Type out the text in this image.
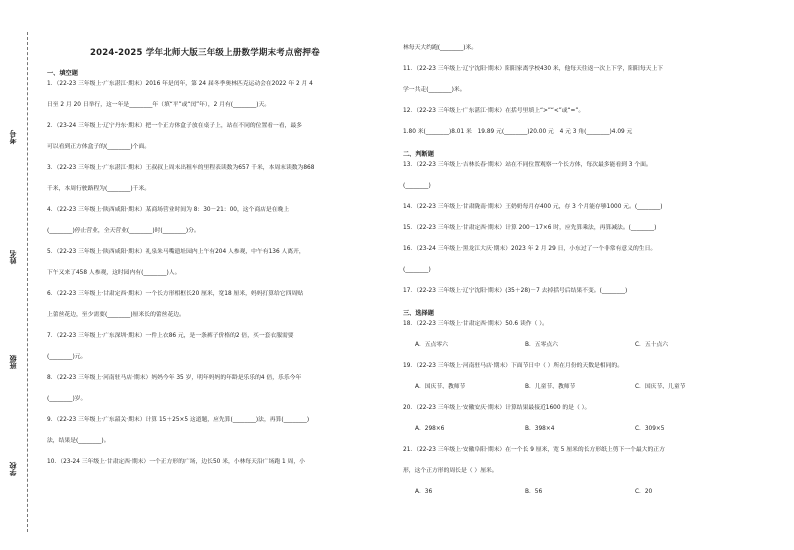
考号
姓名
班级
学校
2024-2025 学年北师大版三年级上册数学期末考点密押卷
一、填空题
1．（22-23 三年级上·广东湛江·期末）2016 年是闰年，第 24 届冬季奥林匹克运动会在2022 年 2 月 4
日至 2 月 20 日举行，这一年是________年（填“平”或“闰”年），2 月有(________)天。
2．（23-24 三年级上·辽宁丹东·期末）把一个正方体盒子放在桌子上，站在不同的位置看一看，最多
可以看到正方体盒子的(________)个面。
3．（22-23 三年级上·广东湛江·期末）王叔叔上周末出租车的里程表读数为657 千米，本周末读数为868
千米，本周行驶路程为(________)千米。
4．（22-23 三年级上·陕西咸阳·期末）某商场营业时间为 8：30－21：00，这个商店是在晚上
(________)停止营业，全天营业(________)时(________)分。
5．（22-23 三年级上·陕西咸阳·期末）礼泉朱马嘴遗址园内上午有204 人参观，中午有136 人离开，
下午又来了458 人参观，这时园内有(________)人。
6．（22-23 三年级上·甘肃定西·期末）一个长方形相框长20 厘米，宽18 厘米，妈妈打算给它四周贴
上蕾丝花边，至少需要(________)厘米长的蕾丝花边。
7．（22-23 三年级上·广东深圳·期末）一件上衣86 元，是一条裤子价格的2 倍，买一套衣服需要
(________)元。
8．（22-23 三年级上·河南驻马店·期末）妈妈今年 35 岁，明年妈妈的年龄是乐乐的4 倍，乐乐今年
(________)岁。
9．（22-23 三年级上·广东韶关·期末）计算 15＋25×5 这道题，应先算(________)法，再算(________)
法，结果是(________)。
10．（23-24 三年级上·甘肃定西·期末）一个正方形的广场，边长50 米，小林每天沿广场跑 1 周，小
林每天大约跑(________)米。
11．（22-23 三年级上·辽宁沈阳·期末）阳阳家离学校430 米，他每天往返一次上下学，阳阳每天上下
学一共走(________)米。
12．（22-23 三年级上·广东湛江·期末）在括号里填上“>”“<”或“=”。
1.80 米(________)8.01 米　19.89 元(________)20.00 元　4 元 3 角(________)4.09 元
二、判断题
13．（22-23 三年级上·吉林长春·期末）站在不同位置观察一个长方体，每次最多能看到 3 个面。
(________)
14．（22-23 三年级上·甘肃陇南·期末）王奶奶每月存400 元，存 3 个月能存够1000 元。(________)
15．（22-23 三年级上·甘肃定西·期末）计算 200－17×6 时，应先算乘法，再算减法。(________)
16．（23-24 三年级上·黑龙江大庆·期末）2023 年 2 月 29 日，小东过了一个非常有意义的生日。
(________)
17．（22-23 三年级上·辽宁沈阳·期末）(35＋28)－7 去掉括号后结果不变。(________)
三、选择题
18．（22-23 三年级上·甘肃定西·期末）50.6 读作（ ）。
A．五点零六	B．五零点六	C．五十点六
19．（22-23 三年级上·河南驻马店·期末）下面节日中（ ）所在月份的天数是相同的。
A．国庆节、教师节	B．儿童节、教师节	C．国庆节、儿童节
20．（22-23 三年级上·安徽安庆·期末）计算结果最接近1600 的是（ ）。
A．298×6	B．398×4	C．309×5
21．（22-23 三年级上·安徽阜阳·期末）在一个长 9 厘米，宽 5 厘米的长方形纸上剪下一个最大的正方
形，这个正方形的周长是（ ）厘米。
A．36	B．56	C．20
